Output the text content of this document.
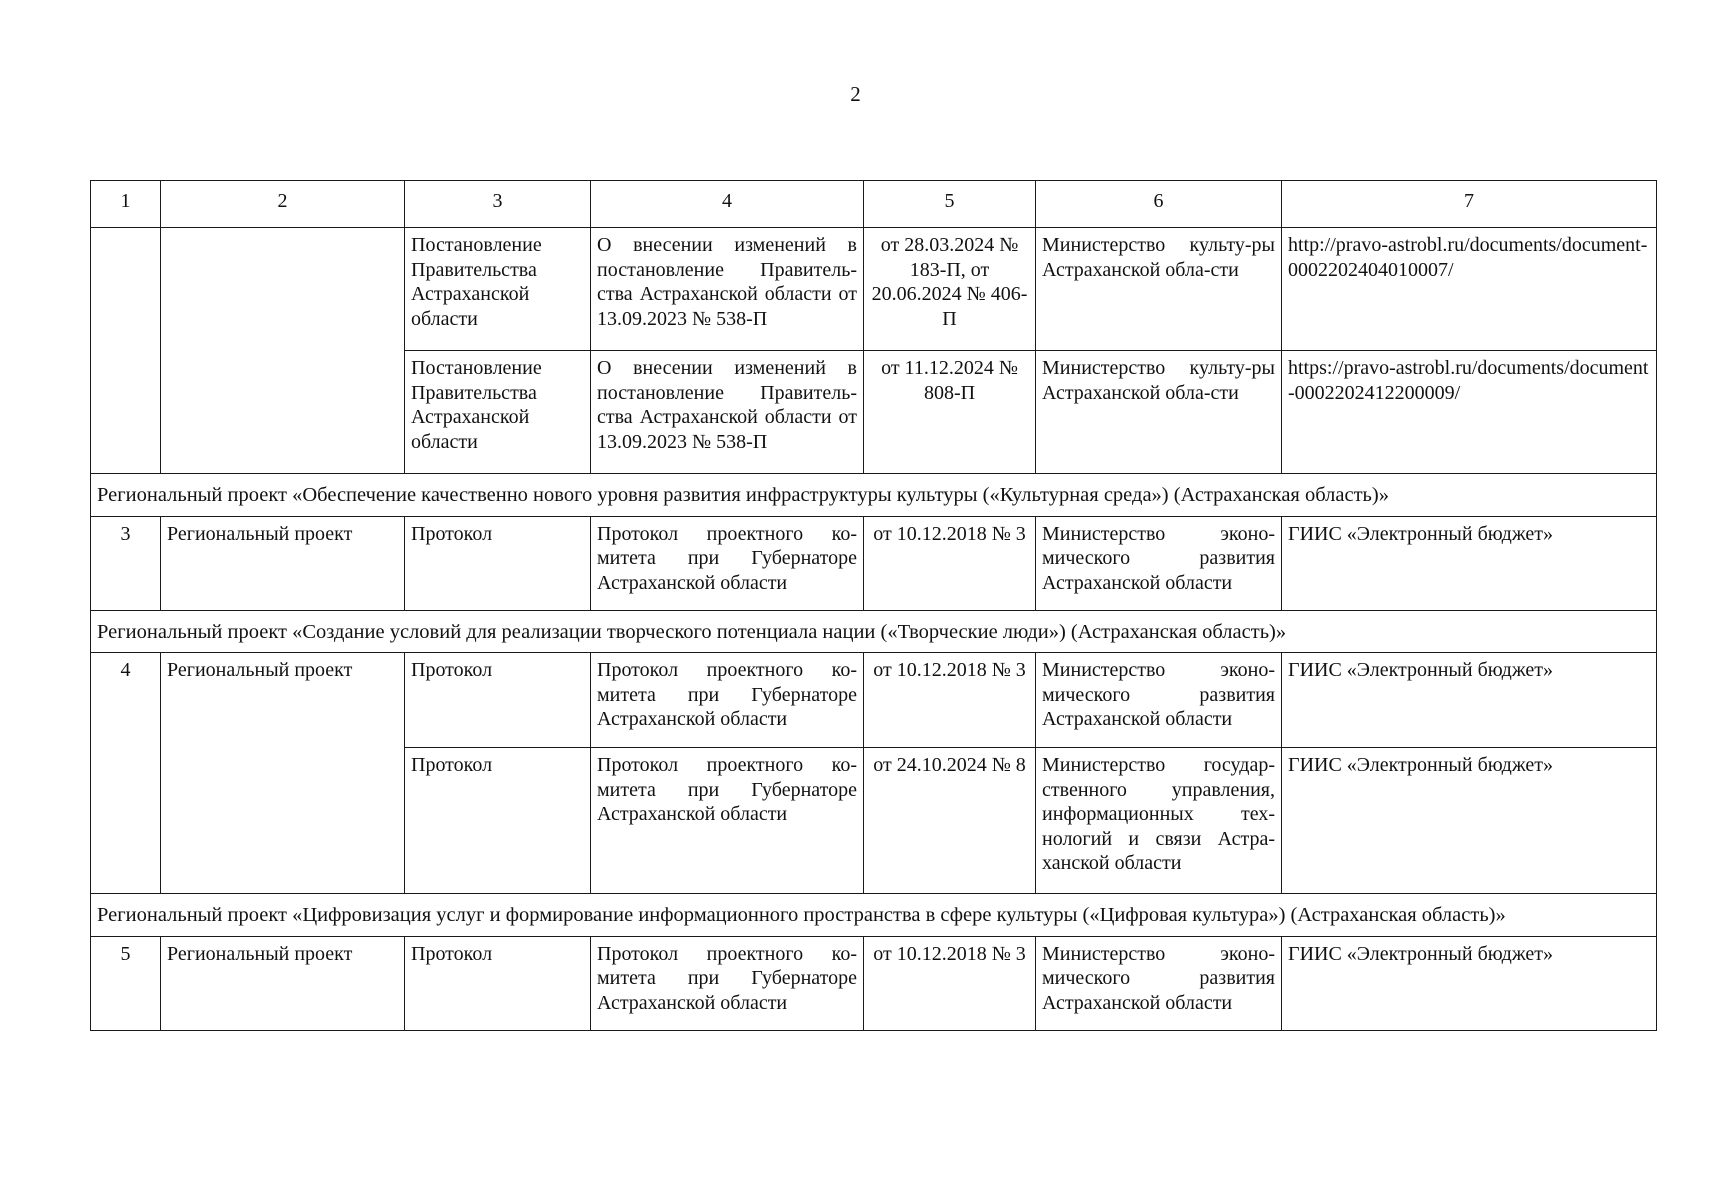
2
1	2	3	4	5	6	7
		Постановление Правительства Астраханской области	О внесении изменений в постановление Правитель-ства Астраханской области от 13.09.2023 № 538-П	от 28.03.2024 № 183-П, от 20.06.2024 № 406-П	Министерство культу-ры Астраханской обла-сти	http://pravo-astrobl.ru/documents/document-0002202404010007/
		Постановление Правительства Астраханской области	О внесении изменений в постановление Правитель-ства Астраханской области от 13.09.2023 № 538-П	от 11.12.2024 № 808-П	Министерство культу-ры Астраханской обла-сти	https://pravo-astrobl.ru/documents/document-0002202412200009/
Региональный проект «Обеспечение качественно нового уровня развития инфраструктуры культуры («Культурная среда») (Астраханская область)»						
3	Региональный проект	Протокол	Протокол проектного ко-митета при Губернаторе Астраханской области	от 10.12.2018 № 3	Министерство эконо-мического развития Астраханской области	ГИИС «Электронный бюджет»
Региональный проект «Создание условий для реализации творческого потенциала нации («Творческие люди») (Астраханская область)»						
4	Региональный проект	Протокол	Протокол проектного ко-митета при Губернаторе Астраханской области	от 10.12.2018 № 3	Министерство эконо-мического развития Астраханской области	ГИИС «Электронный бюджет»
		Протокол	Протокол проектного ко-митета при Губернаторе Астраханской области	от 24.10.2024 № 8	Министерство государ-ственного управления, информационных тех-нологий и связи Астра-ханской области	ГИИС «Электронный бюджет»
Региональный проект «Цифровизация услуг и формирование информационного пространства в сфере культуры («Цифровая культура») (Астраханская область)»						
5	Региональный проект	Протокол	Протокол проектного ко-митета при Губернаторе Астраханской области	от 10.12.2018 № 3	Министерство эконо-мического развития Астраханской области	ГИИС «Электронный бюджет»
